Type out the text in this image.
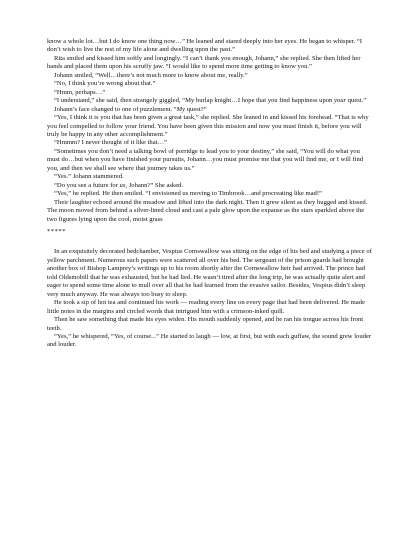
know a whole lot…but I do know one thing now…” He leaned and stared deeply into her eyes. He began to whisper. “I don’t wish to live the rest of my life alone and dwelling upon the past.”

Rita smiled and kissed him softly and longingly. “I can’t thank you enough, Johann,” she replied. She then lifted her hands and placed them upon his scruffy jaw. “I would like to spend more time getting to know you.”

Johann smiled, “Well…there’s not much more to know about me, really.”

“No, I think you’re wrong about that.”

“Hmm, perhaps…”

“I understand,” she said, then strangely giggled, “My burlap knight…I hope that you find happiness upon your quest.”

Johann’s face changed to one of puzzlement. “My quest?”

“Yes, I think it is you that has been given a great task,” she replied. She leaned in and kissed his forehead. “That is why you feel compelled to follow your friend. You have been given this mission and now you must finish it, before you will truly be happy in any other accomplishment.”

“Hmmm? I never thought of it like that…”

“Sometimes you don’t need a talking bowl of porridge to lead you to your destiny,” she said, “You will do what you must do…but when you have finished your pursuits, Johann…you must promise me that you will find me, or I will find you, and then we shall see where that journey takes us.”

“Yes.” Johann stammered.

“Do you see a future for us, Johann?” She asked.

“Yes,” he replied. He then smiled. “I envisioned us moving to Timbrook…and procreating like mad!”

Their laughter echoed around the meadow and lifted into the dark night. Then it grew silent as they hugged and kissed. The moon moved from behind a silver-lined cloud and cast a pale glow upon the expanse as the stars sparkled above the two figures lying upon the cool, moist grass

*****

In an exquisitely decorated bedchamber, Vespius Cornswallow was sitting on the edge of his bed and studying a piece of yellow parchment. Numerous such papers were scattered all over his bed. The sergeant of the prison guards had brought another box of Bishop Lamprey’s writings up to his room shortly after the Cornswallow heir had arrived. The prince had told Oldsmobill that he was exhausted, but he had lied. He wasn’t tired after the long trip, he was actually quite alert and eager to spend some time alone to mull over all that he had learned from the evasive sailor. Besides, Vespius didn’t sleep very much anyway. He was always too busy to sleep.

He took a sip of hot tea and continued his work — reading every line on every page that had been delivered. He made little notes in the margins and circled words that intrigued him with a crimson-inked quill.

Then he saw something that made his eyes widen. His mouth suddenly opened, and he ran his tongue across his front teeth.

“Yes,” he whispered, “Yes, of course...” He started to laugh — low, at first, but with each guffaw, the sound grew louder and louder.
